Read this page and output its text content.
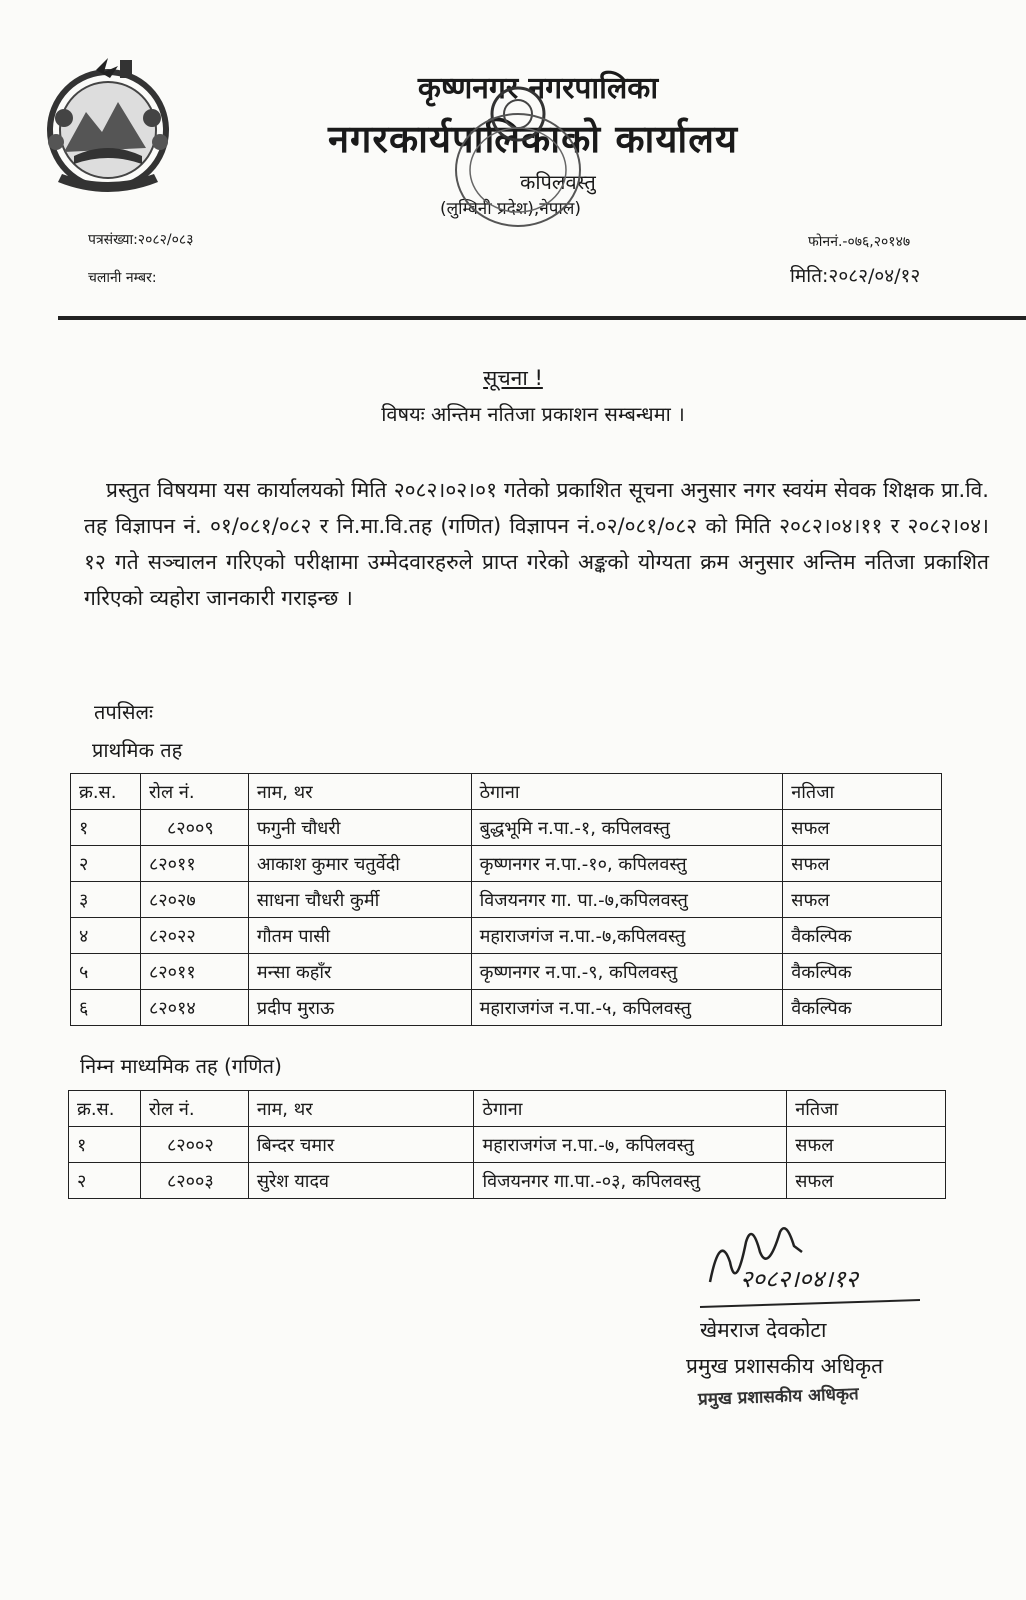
कृष्णनगर नगरपालिका
नगरकार्यपालिकाको कार्यालय
कपिलवस्तु
(लुम्बिनी प्रदेश),नेपाल)
पत्रसंख्या:२०८२/०८३
चलानी नम्बर:
फोननं.-०७६,२०१४७
मिति:२०८२/०४/१२
सूचना !
विषयः अन्तिम नतिजा प्रकाशन सम्बन्धमा ।
प्रस्तुत विषयमा यस कार्यालयको मिति २०८२।०२।०१ गतेको प्रकाशित सूचना अनुसार नगर स्वयंम सेवक शिक्षक प्रा.वि. तह विज्ञापन नं. ०१/०८१/०८२ र नि.मा.वि.तह (गणित) विज्ञापन नं.०२/०८१/०८२ को मिति २०८२।०४।११ र २०८२।०४।१२ गते सञ्चालन गरिएको परीक्षामा उम्मेदवारहरुले प्राप्त गरेको अङ्कको योग्यता क्रम अनुसार अन्तिम नतिजा प्रकाशित गरिएको व्यहोरा जानकारी गराइन्छ ।
तपसिलः
प्राथमिक तह
क्र.स.	रोल नं.	नाम, थर	ठेगाना	नतिजा
१	८२००९	फगुनी चौधरी	बुद्धभूमि न.पा.-१, कपिलवस्तु	सफल
२	८२०११	आकाश कुमार चतुर्वेदी	कृष्णनगर न.पा.-१०, कपिलवस्तु	सफल
३	८२०२७	साधना चौधरी कुर्मी	विजयनगर गा. पा.-७,कपिलवस्तु	सफल
४	८२०२२	गौतम पासी	महाराजगंज न.पा.-७,कपिलवस्तु	वैकल्पिक
५	८२०११	मन्सा कहाँर	कृष्णनगर न.पा.-९, कपिलवस्तु	वैकल्पिक
६	८२०१४	प्रदीप मुराऊ	महाराजगंज न.पा.-५, कपिलवस्तु	वैकल्पिक
निम्न माध्यमिक तह (गणित)
क्र.स.	रोल नं.	नाम, थर	ठेगाना	नतिजा
१	८२००२	बिन्दर चमार	महाराजगंज न.पा.-७, कपिलवस्तु	सफल
२	८२००३	सुरेश यादव	विजयनगर गा.पा.-०३, कपिलवस्तु	सफल
२०८२।०४।१२
खेमराज देवकोटा
प्रमुख प्रशासकीय अधिकृत
प्रमुख प्रशासकीय अधिकृत
